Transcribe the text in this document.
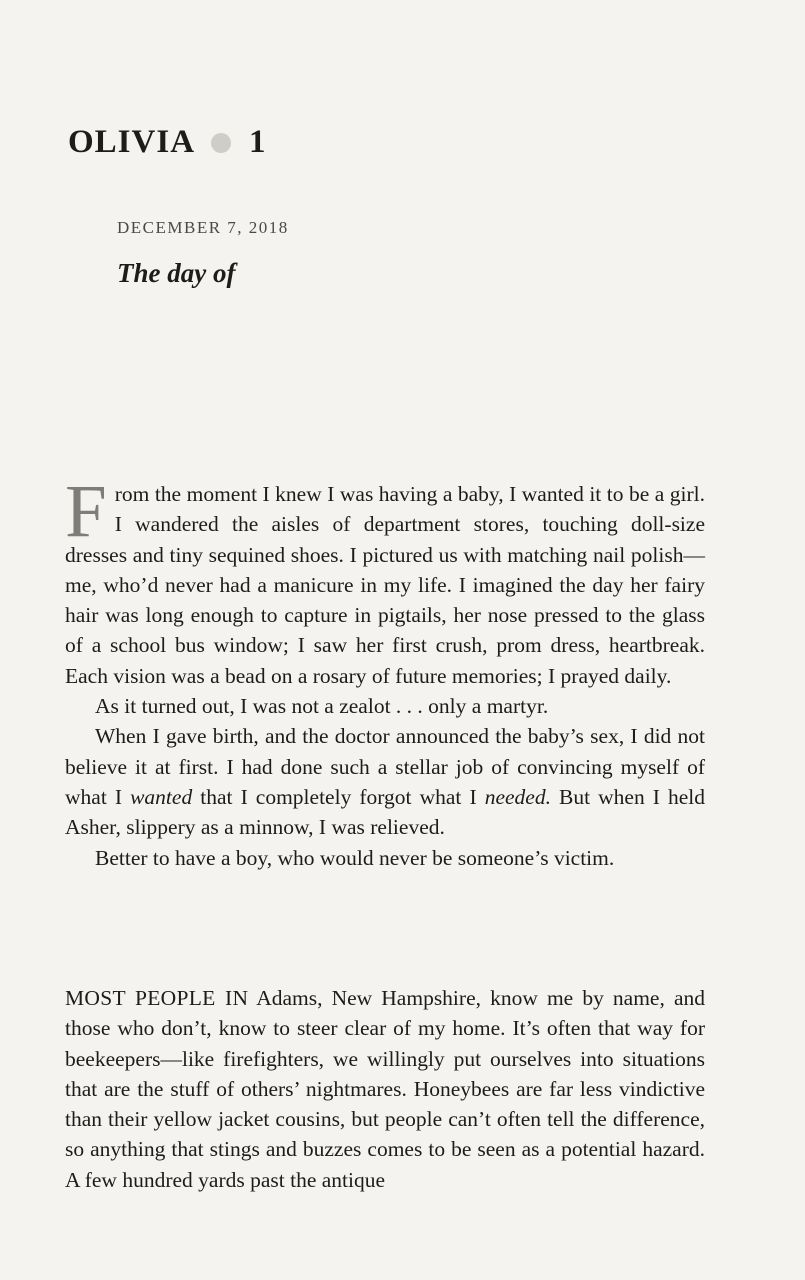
OLIVIA 1
DECEMBER 7, 2018
The day of

From the moment I knew I was having a baby, I wanted it to be a girl. I wandered the aisles of department stores, touching doll-size dresses and tiny sequined shoes. I pictured us with matching nail polish—me, who’d never had a manicure in my life. I imagined the day her fairy hair was long enough to capture in pigtails, her nose pressed to the glass of a school bus window; I saw her first crush, prom dress, heartbreak. Each vision was a bead on a rosary of future memories; I prayed daily.

As it turned out, I was not a zealot . . . only a martyr.

When I gave birth, and the doctor announced the baby’s sex, I did not believe it at first. I had done such a stellar job of convincing myself of what I wanted that I completely forgot what I needed. But when I held Asher, slippery as a minnow, I was relieved.

Better to have a boy, who would never be someone’s victim.

MOST PEOPLE IN Adams, New Hampshire, know me by name, and those who don’t, know to steer clear of my home. It’s often that way for beekeepers—like firefighters, we willingly put ourselves into situations that are the stuff of others’ nightmares. Honeybees are far less vindictive than their yellow jacket cousins, but people can’t often tell the difference, so anything that stings and buzzes comes to be seen as a potential hazard. A few hundred yards past the antique
